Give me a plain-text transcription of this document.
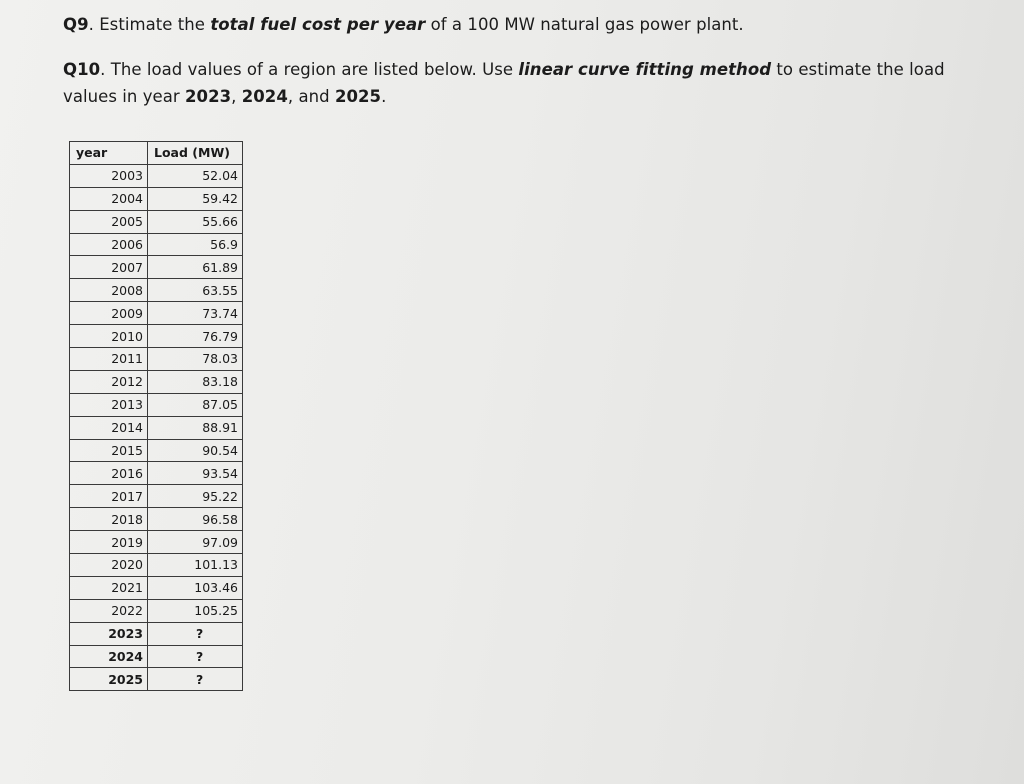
Q9. Estimate the total fuel cost per year of a 100 MW natural gas power plant.
Q10. The load values of a region are listed below. Use linear curve fitting method to estimate the load values in year 2023, 2024, and 2025.
year	Load (MW)
2003	52.04
2004	59.42
2005	55.66
2006	56.9
2007	61.89
2008	63.55
2009	73.74
2010	76.79
2011	78.03
2012	83.18
2013	87.05
2014	88.91
2015	90.54
2016	93.54
2017	95.22
2018	96.58
2019	97.09
2020	101.13
2021	103.46
2022	105.25
2023	?
2024	?
2025	?
